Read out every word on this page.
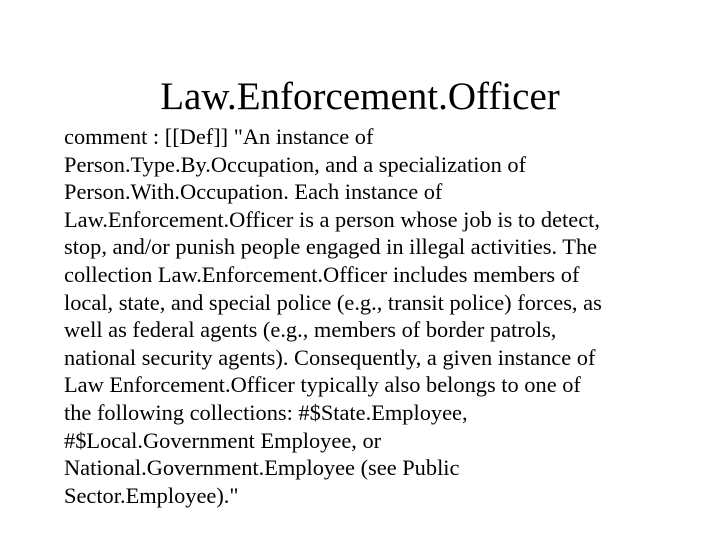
Law.Enforcement.Officer
comment : [[Def]] "An instance of
Person.Type.By.Occupation, and a specialization of
Person.With.Occupation. Each instance of
Law.Enforcement.Officer is a person whose job is to detect,
stop, and/or punish people engaged in illegal activities. The
collection Law.Enforcement.Officer includes members of
local, state, and special police (e.g., transit police) forces, as
well as federal agents (e.g., members of border patrols,
national security agents). Consequently, a given instance of
Law Enforcement.Officer typically also belongs to one of
the following collections: #$State.Employee,
#$Local.Government Employee, or
National.Government.Employee (see Public
Sector.Employee)."
